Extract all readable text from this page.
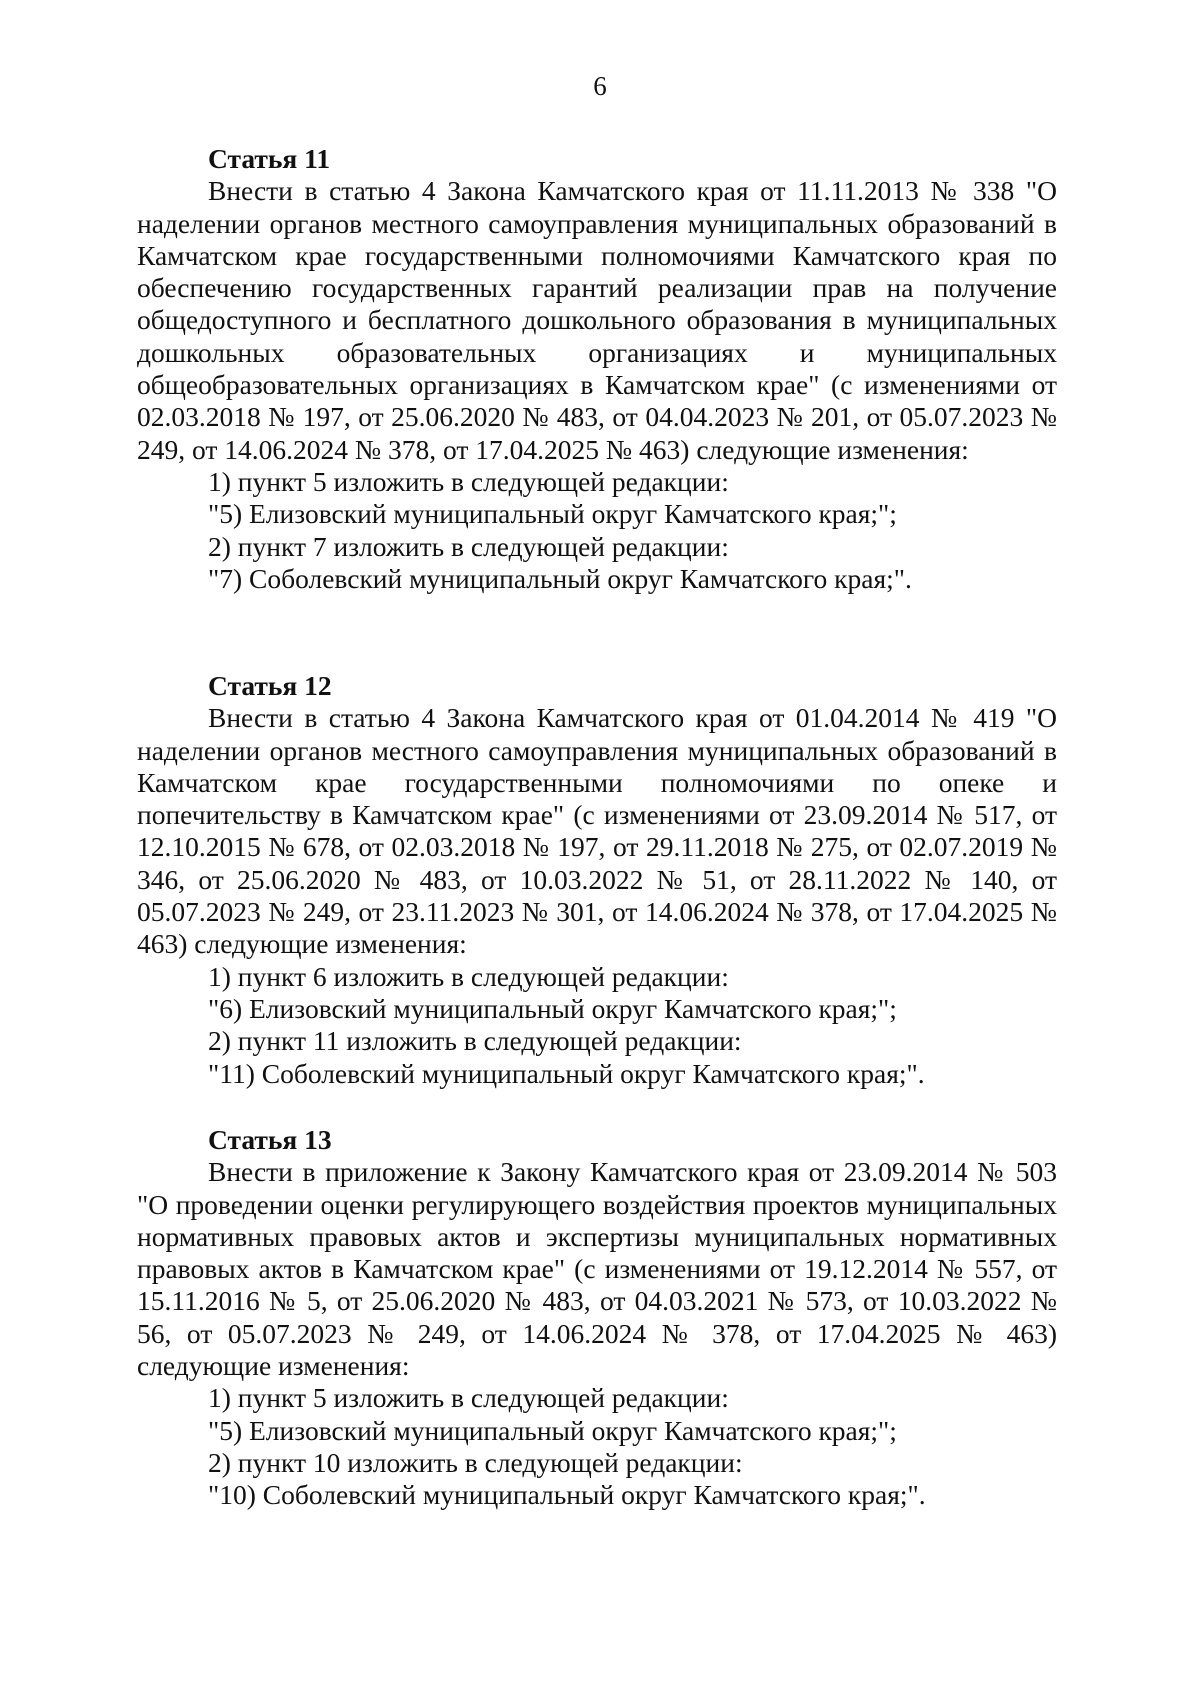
6
Статья 11

Внести в статью 4 Закона Камчатского края от 11.11.2013 № 338 "О наделении органов местного самоуправления муниципальных образований в Камчатском крае государственными полномочиями Камчатского края по обеспечению государственных гарантий реализации прав на получение общедоступного и бесплатного дошкольного образования в муниципальных дошкольных образовательных организациях и муниципальных общеобразовательных организациях в Камчатском крае" (с изменениями от 02.03.2018 № 197, от 25.06.2020 № 483, от 04.04.2023 № 201, от 05.07.2023 № 249, от 14.06.2024 № 378, от 17.04.2025 № 463) следующие изменения:

1) пункт 5 изложить в следующей редакции:

"5) Елизовский муниципальный округ Камчатского края;";

2) пункт 7 изложить в следующей редакции:

"7) Соболевский муниципальный округ Камчатского края;".

Статья 12

Внести в статью 4 Закона Камчатского края от 01.04.2014 № 419 "О наделении органов местного самоуправления муниципальных образований в Камчатском крае государственными полномочиями по опеке и попечительству в Камчатском крае" (с изменениями от 23.09.2014 № 517, от 12.10.2015 № 678, от 02.03.2018 № 197, от 29.11.2018 № 275, от 02.07.2019 № 346, от 25.06.2020 № 483, от 10.03.2022 № 51, от 28.11.2022 № 140, от 05.07.2023 № 249, от 23.11.2023 № 301, от 14.06.2024 № 378, от 17.04.2025 № 463) следующие изменения:

1) пункт 6 изложить в следующей редакции:

"6) Елизовский муниципальный округ Камчатского края;";

2) пункт 11 изложить в следующей редакции:

"11) Соболевский муниципальный округ Камчатского края;".

Статья 13

Внести в приложение к Закону Камчатского края от 23.09.2014 № 503 "О проведении оценки регулирующего воздействия проектов муниципальных нормативных правовых актов и экспертизы муниципальных нормативных правовых актов в Камчатском крае" (с изменениями от 19.12.2014 № 557, от 15.11.2016 № 5, от 25.06.2020 № 483, от 04.03.2021 № 573, от 10.03.2022 № 56, от 05.07.2023 № 249, от 14.06.2024 № 378, от 17.04.2025 № 463) следующие изменения:

1) пункт 5 изложить в следующей редакции:

"5) Елизовский муниципальный округ Камчатского края;";

2) пункт 10 изложить в следующей редакции:

"10) Соболевский муниципальный округ Камчатского края;".
